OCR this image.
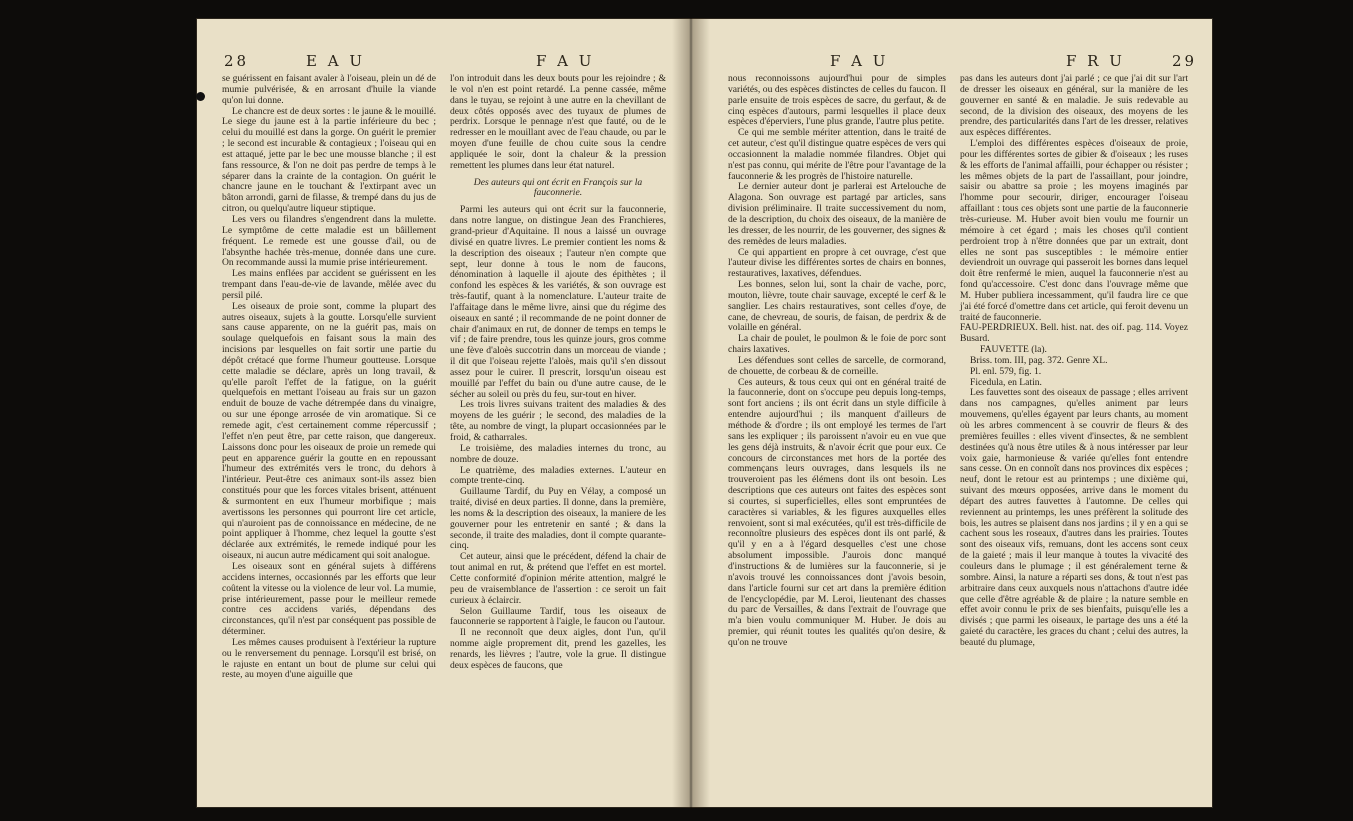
28	E A U	F A U

se guérissent en faisant avaler à l'oiseau, plein un dé de mumie pulvérisée, & en arrosant d'huile la viande qu'on lui donne.

Le chancre est de deux sortes : le jaune & le mouillé. Le siege du jaune est à la partie inférieure du bec ; celui du mouillé est dans la gorge. On guérit le premier ; le second est incurable & contagieux ; l'oiseau qui en est attaqué, jette par le bec une mousse blanche ; il est fans ressource, & l'on ne doit pas perdre de temps à le séparer dans la crainte de la contagion. On guérit le chancre jaune en le touchant & l'extirpant avec un bâton arrondi, garni de filasse, & trempé dans du jus de citron, ou quelqu'autre liqueur stiptique.

Les vers ou filandres s'engendrent dans la mulette. Le symptôme de cette maladie est un bâillement fréquent. Le remede est une gousse d'ail, ou de l'absynthe hachée très-menue, donnée dans une cure. On recommande aussi la mumie prise intérieurement.

Les mains enflées par accident se guérissent en les trempant dans l'eau-de-vie de lavande, mêlée avec du persil pilé.

Les oiseaux de proie sont, comme la plupart des autres oiseaux, sujets à la goutte. Lorsqu'elle survient sans cause apparente, on ne la guérit pas, mais on soulage quelquefois en faisant sous la main des incisions par lesquelles on fait sortir une partie du dépôt crétacé que forme l'humeur goutteuse. Lorsque cette maladie se déclare, après un long travail, & qu'elle paroît l'effet de la fatigue, on la guérit quelquefois en mettant l'oiseau au frais sur un gazon enduit de bouze de vache détrempée dans du vinaigre, ou sur une éponge arrosée de vin aromatique. Si ce remede agit, c'est certainement comme répercussif ; l'effet n'en peut être, par cette raison, que dangereux. Laissons donc pour les oiseaux de proie un remede qui peut en apparence guérir la goutte en en repoussant l'humeur des extrémités vers le tronc, du dehors à l'intérieur. Peut-être ces animaux sont-ils assez bien constitués pour que les forces vitales brisent, atténuent & surmontent en eux l'humeur morbifique ; mais avertissons les personnes qui pourront lire cet article, qui n'auroient pas de connoissance en médecine, de ne point appliquer à l'homme, chez lequel la goutte s'est déclarée aux extrémités, le remede indiqué pour les oiseaux, ni aucun autre médicament qui soit analogue.

Les oiseaux sont en général sujets à différens accidens internes, occasionnés par les efforts que leur coûtent la vitesse ou la violence de leur vol. La mumie, prise intérieurement, passe pour le meilleur remede contre ces accidens variés, dépendans des circonstances, qu'il n'est par conséquent pas possible de déterminer.

Les mêmes causes produisent à l'extérieur la rupture ou le renversement du pennage. Lorsqu'il est brisé, on le rajuste en entant un bout de plume sur celui qui reste, au moyen d'une aiguille que

l'on introduit dans les deux bouts pour les rejoindre ; & le vol n'en est point retardé. La penne cassée, même dans le tuyau, se rejoint à une autre en la chevillant de deux côtés opposés avec des tuyaux de plumes de perdrix. Lorsque le pennage n'est que fauté, ou de le redresser en le mouillant avec de l'eau chaude, ou par le moyen d'une feuille de chou cuite sous la cendre appliquée le soir, dont la chaleur & la pression remettent les plumes dans leur état naturel.

Des auteurs qui ont écrit en François sur la fauconnerie.

Parmi les auteurs qui ont écrit sur la fauconnerie, dans notre langue, on distingue Jean des Franchieres, grand-prieur d'Aquitaine. Il nous a laissé un ouvrage divisé en quatre livres. Le premier contient les noms & la description des oiseaux ; l'auteur n'en compte que sept, leur donne à tous le nom de faucons, dénomination à laquelle il ajoute des épithètes ; il confond les espèces & les variétés, & son ouvrage est très-fautif, quant à la nomenclature. L'auteur traite de l'affaitage dans le même livre, ainsi que du régime des oiseaux en santé ; il recommande de ne point donner de chair d'animaux en rut, de donner de temps en temps le vif ; de faire prendre, tous les quinze jours, gros comme une fève d'aloès succotrin dans un morceau de viande ; il dit que l'oiseau rejette l'aloès, mais qu'il s'en dissout assez pour le cuirer. Il prescrit, lorsqu'un oiseau est mouillé par l'effet du bain ou d'une autre cause, de le sécher au soleil ou près du feu, sur-tout en hiver.

Les trois livres suivans traitent des maladies & des moyens de les guérir ; le second, des maladies de la tête, au nombre de vingt, la plupart occasionnées par le froid, & catharrales.

Le troisième, des maladies internes du tronc, au nombre de douze.

Le quatrième, des maladies externes. L'auteur en compte trente-cinq.

Guillaume Tardif, du Puy en Vélay, a composé un traité, divisé en deux parties. Il donne, dans la première, les noms & la description des oiseaux, la maniere de les gouverner pour les entretenir en santé ; & dans la seconde, il traite des maladies, dont il compte quarante-cinq.

Cet auteur, ainsi que le précédent, défend la chair de tout animal en rut, & prétend que l'effet en est mortel. Cette conformité d'opinion mérite attention, malgré le peu de vraisemblance de l'assertion : ce seroit un fait curieux à éclaircir.

Selon Guillaume Tardif, tous les oiseaux de fauconnerie se rapportent à l'aigle, le faucon ou l'autour.

Il ne reconnoît que deux aigles, dont l'un, qu'il nomme aigle proprement dit, prend les gazelles, les renards, les lièvres ; l'autre, vole la grue. Il distingue deux espèces de faucons, que

F A U	F R U	29

nous reconnoissons aujourd'hui pour de simples variétés, ou des espèces distinctes de celles du faucon. Il parle ensuite de trois espèces de sacre, du gerfaut, & de cinq espèces d'autours, parmi lesquelles il place deux espèces d'éperviers, l'une plus grande, l'autre plus petite.

Ce qui me semble mériter attention, dans le traité de cet auteur, c'est qu'il distingue quatre espèces de vers qui occasionnent la maladie nommée filandres. Objet qui n'est pas connu, qui mérite de l'être pour l'avantage de la fauconnerie & les progrès de l'histoire naturelle.

Le dernier auteur dont je parlerai est Artelouche de Alagona. Son ouvrage est partagé par articles, sans division préliminaire. Il traite successivement du nom, de la description, du choix des oiseaux, de la manière de les dresser, de les nourrir, de les gouverner, des signes & des remèdes de leurs maladies.

Ce qui appartient en propre à cet ouvrage, c'est que l'auteur divise les différentes sortes de chairs en bonnes, restauratives, laxatives, défendues.

Les bonnes, selon lui, sont la chair de vache, porc, mouton, lièvre, toute chair sauvage, excepté le cerf & le sanglier. Les chairs restauratives, sont celles d'oye, de cane, de chevreau, de souris, de faisan, de perdrix & de volaille en général.

La chair de poulet, le poulmon & le foie de porc sont chairs laxatives.

Les défendues sont celles de sarcelle, de cormorand, de chouette, de corbeau & de corneille.

Ces auteurs, & tous ceux qui ont en général traité de la fauconnerie, dont on s'occupe peu depuis long-temps, sont fort anciens ; ils ont écrit dans un style difficile à entendre aujourd'hui ; ils manquent d'ailleurs de méthode & d'ordre ; ils ont employé les termes de l'art sans les expliquer ; ils paroissent n'avoir eu en vue que les gens déjà instruits, & n'avoir écrit que pour eux. Ce concours de circonstances met hors de la portée des commençans leurs ouvrages, dans lesquels ils ne trouveroient pas les élémens dont ils ont besoin. Les descriptions que ces auteurs ont faites des espèces sont si courtes, si superficielles, elles sont empruntées de caractères si variables, & les figures auxquelles elles renvoient, sont si mal exécutées, qu'il est très-difficile de reconnoître plusieurs des espèces dont ils ont parlé, & qu'il y en a à l'égard desquelles c'est une chose absolument impossible. J'aurois donc manqué d'instructions & de lumières sur la fauconnerie, si je n'avois trouvé les connoissances dont j'avois besoin, dans l'article fourni sur cet art dans la première édition de l'encyclopédie, par M. Leroi, lieutenant des chasses du parc de Versailles, & dans l'extrait de l'ouvrage que m'a bien voulu communiquer M. Huber. Je dois au premier, qui réunit toutes les qualités qu'on desire, & qu'on ne trouve

pas dans les auteurs dont j'ai parlé ; ce que j'ai dit sur l'art de dresser les oiseaux en général, sur la manière de les gouverner en santé & en maladie. Je suis redevable au second, de la division des oiseaux, des moyens de les prendre, des particularités dans l'art de les dresser, relatives aux espèces différentes.

L'emploi des différentes espèces d'oiseaux de proie, pour les différentes sortes de gibier & d'oiseaux ; les ruses & les efforts de l'animal affailli, pour échapper ou résister ; les mêmes objets de la part de l'assaillant, pour joindre, saisir ou abattre sa proie ; les moyens imaginés par l'homme pour secourir, diriger, encourager l'oiseau affaillant : tous ces objets sont une partie de la fauconnerie très-curieuse. M. Huber avoit bien voulu me fournir un mémoire à cet égard ; mais les choses qu'il contient perdroient trop à n'être données que par un extrait, dont elles ne sont pas susceptibles : le mémoire entier deviendroit un ouvrage qui passeroit les bornes dans lequel doit être renfermé le mien, auquel la fauconnerie n'est au fond qu'accessoire. C'est donc dans l'ouvrage même que M. Huber publiera incessamment, qu'il faudra lire ce que j'ai été forcé d'omettre dans cet article, qui feroit devenu un traité de fauconnerie.

FAU-PERDRIEUX. Bell. hist. nat. des oif. pag. 114. Voyez Busard.

FAUVETTE (la).

Briss. tom. III, pag. 372. Genre XL.

Pl. enl. 579, fig. 1.

Ficedula, en Latin.

Les fauvettes sont des oiseaux de passage ; elles arrivent dans nos campagnes, qu'elles animent par leurs mouvemens, qu'elles égayent par leurs chants, au moment où les arbres commencent à se couvrir de fleurs & des premières feuilles : elles vivent d'insectes, & ne semblent destinées qu'à nous être utiles & à nous intéresser par leur voix gaie, harmonieuse & variée qu'elles font entendre sans cesse. On en connoît dans nos provinces dix espèces ; neuf, dont le retour est au printemps ; une dixième qui, suivant des mœurs opposées, arrive dans le moment du départ des autres fauvettes à l'automne. De celles qui reviennent au printemps, les unes préfèrent la solitude des bois, les autres se plaisent dans nos jardins ; il y en a qui se cachent sous les roseaux, d'autres dans les prairies. Toutes sont des oiseaux vifs, remuans, dont les accens sont ceux de la gaieté ; mais il leur manque à toutes la vivacité des couleurs dans le plumage ; il est généralement terne & sombre. Ainsi, la nature a réparti ses dons, & tout n'est pas arbitraire dans ceux auxquels nous n'attachons d'autre idée que celle d'être agréable & de plaire ; la nature semble en effet avoir connu le prix de ses bienfaits, puisqu'elle les a divisés ; que parmi les oiseaux, le partage des uns a été la gaieté du caractère, les graces du chant ; celui des autres, la beauté du plumage,
